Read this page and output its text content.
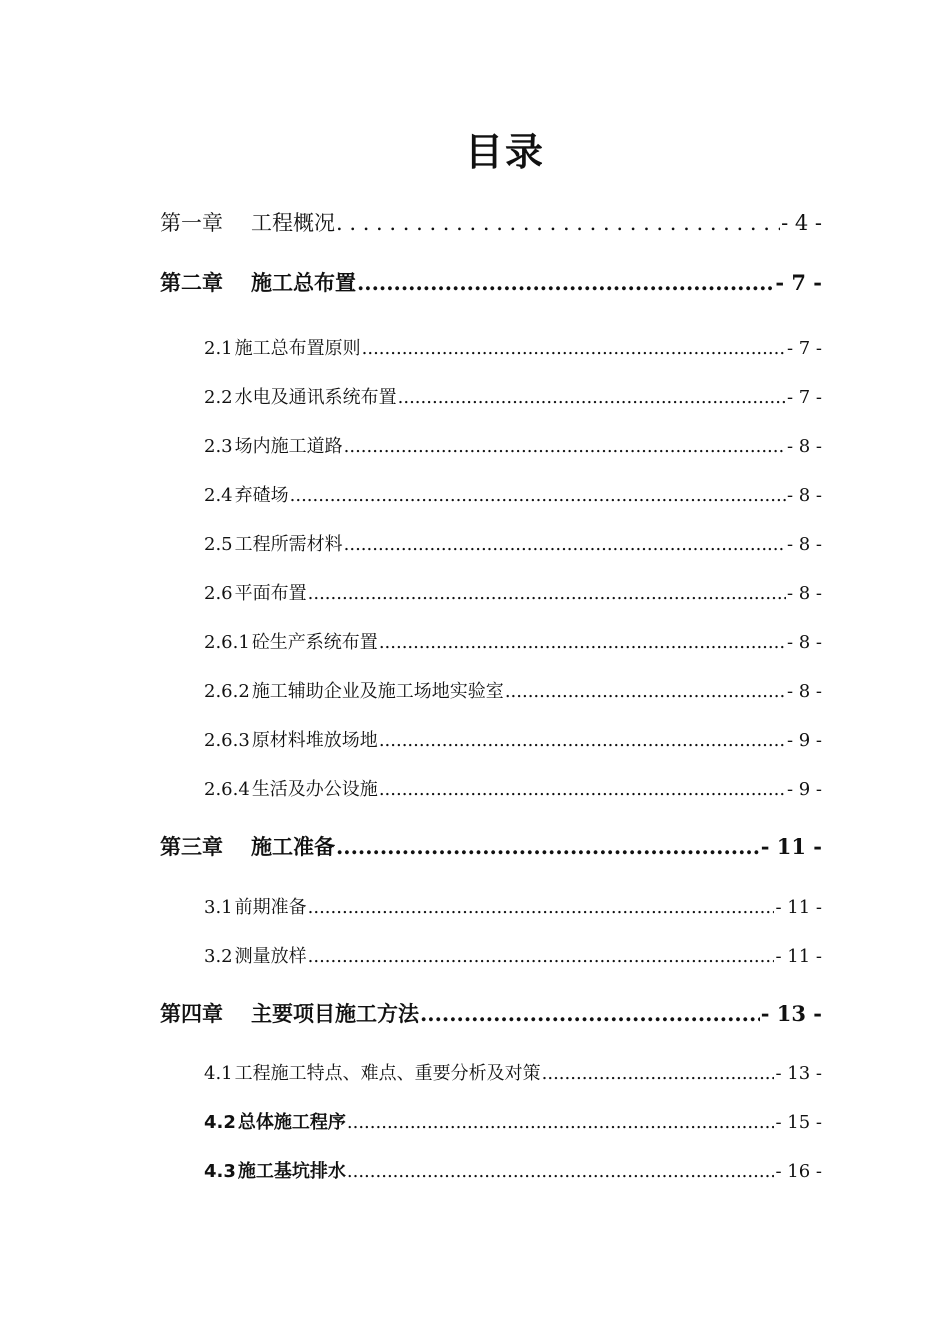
目录
第一章 工程概况 . . .	- 4 -
第二章 施工总布置 .....	- 7 -
2.1 施工总布置原则 .....	- 7 -
2.2 水电及通讯系统布置 .....	- 7 -
2.3 场内施工道路 .....	- 8 -
2.4 弃碴场 .....	- 8 -
2.5 工程所需材料 .....	- 8 -
2.6 平面布置 .....	- 8 -
2.6.1 砼生产系统布置 .....	- 8 -
2.6.2 施工辅助企业及施工场地实验室 .....	- 8 -
2.6.3 原材料堆放场地 .....	- 9 -
2.6.4 生活及办公设施 .....	- 9 -
第三章 施工准备 .....	- 11 -
3.1 前期准备 .....	- 11 -
3.2 测量放样 .....	- 11 -
第四章 主要项目施工方法 .....	- 13 -
4.1 工程施工特点、难点、重要分析及对策 .....	- 13 -
4.2 总体施工程序 .....	- 15 -
4.3 施工基坑排水 .....	- 16 -
